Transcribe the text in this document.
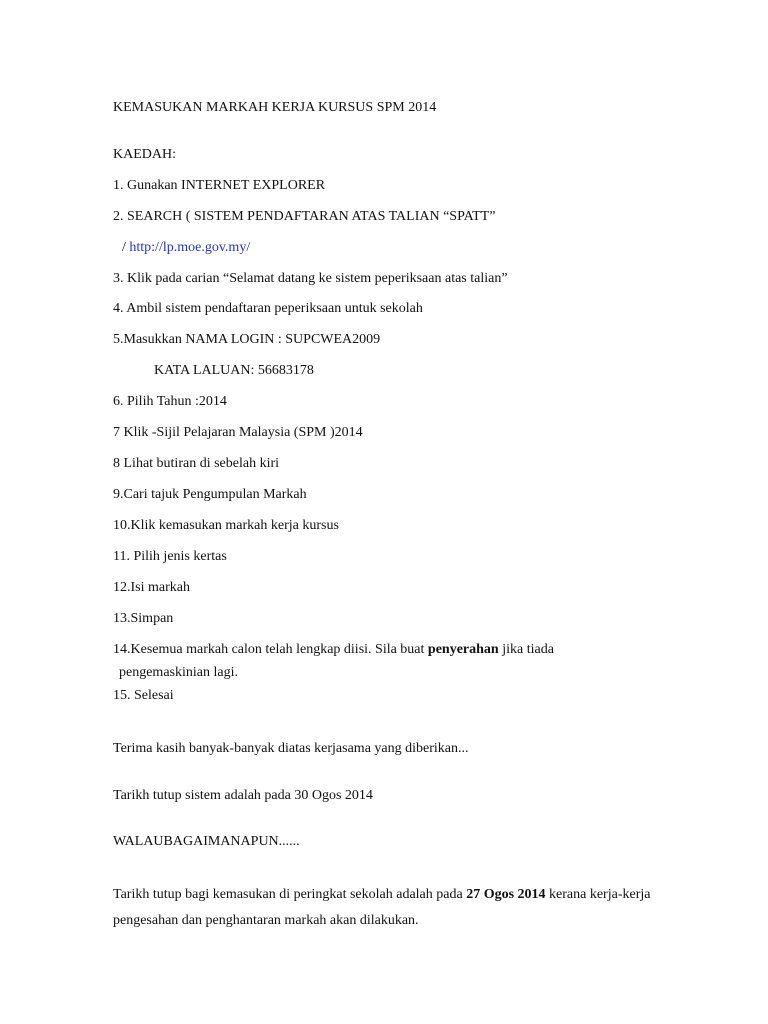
KEMASUKAN MARKAH KERJA KURSUS SPM 2014
KAEDAH:
1. Gunakan INTERNET EXPLORER
2. SEARCH ( SISTEM PENDAFTARAN ATAS TALIAN “SPATT”
/ http://lp.moe.gov.my/
3. Klik pada carian “Selamat datang ke sistem peperiksaan atas talian”
4. Ambil sistem pendaftaran peperiksaan untuk sekolah
5.Masukkan NAMA LOGIN : SUPCWEA2009
KATA LALUAN: 56683178
6. Pilih Tahun :2014
7 Klik -Sijil Pelajaran Malaysia (SPM )2014
8 Lihat butiran di sebelah kiri
9.Cari tajuk Pengumpulan Markah
10.Klik kemasukan markah kerja kursus
11. Pilih jenis kertas
12.Isi markah
13.Simpan
14.Kesemua markah calon telah lengkap diisi. Sila buat penyerahan jika tiada
pengemaskinian lagi.
15. Selesai
Terima kasih banyak-banyak diatas kerjasama yang diberikan...
Tarikh tutup sistem adalah pada 30 Ogos 2014
WALAUBAGAIMANAPUN......
Tarikh tutup bagi kemasukan di peringkat sekolah adalah pada 27 Ogos 2014 kerana kerja-kerja
pengesahan dan penghantaran markah akan dilakukan.
